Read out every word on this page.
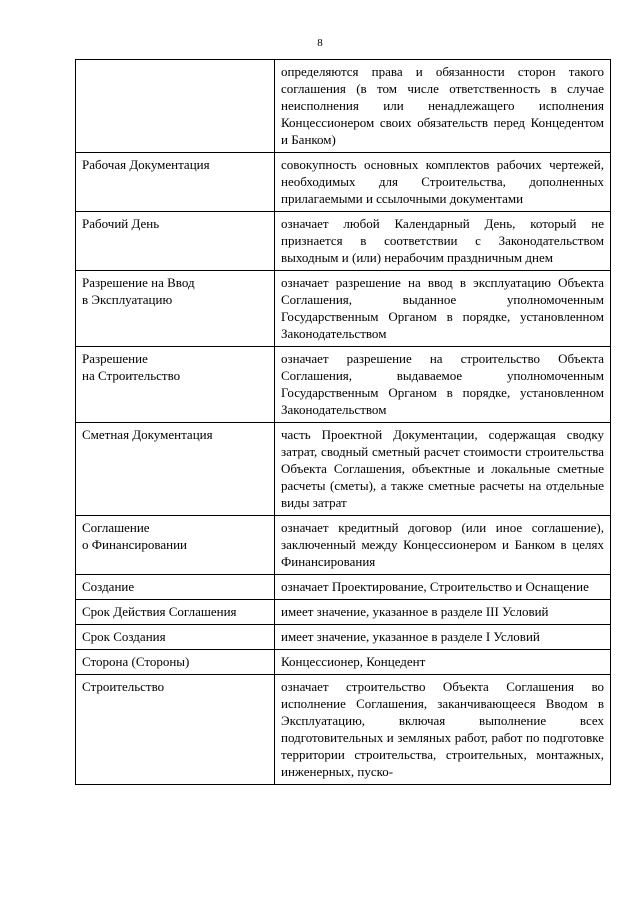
8
	определяются права и обязанности сторон такого соглашения (в том числе ответственность в случае неисполнения или ненадлежащего исполнения Концессионером своих обязательств перед Концедентом и Банком)
Рабочая Документация	совокупность основных комплектов рабочих чертежей, необходимых для Строительства, дополненных прилагаемыми и ссылочными документами
Рабочий День	означает любой Календарный День, который не признается в соответствии с Законодательством выходным и (или) нерабочим праздничным днем

Разрешение на Ввод
в Эксплуатацию	означает разрешение на ввод в эксплуатацию Объекта Соглашения, выданное уполномоченным Государственным Органом в порядке, установленном Законодательством

Разрешение
на Строительство	означает разрешение на строительство Объекта Соглашения, выдаваемое уполномоченным Государственным Органом в порядке, установленном Законодательством
Сметная Документация	часть Проектной Документации, содержащая сводку затрат, сводный сметный расчет стоимости строительства Объекта Соглашения, объектные и локальные сметные расчеты (сметы), а также сметные расчеты на отдельные виды затрат

Соглашение
о Финансировании	означает кредитный договор (или иное соглашение), заключенный между Концессионером и Банком в целях Финансирования
Создание	означает Проектирование, Строительство и Оснащение
Срок Действия Соглашения	имеет значение, указанное в разделе III Условий
Срок Создания	имеет значение, указанное в разделе I Условий
Сторона (Стороны)	Концессионер, Концедент
Строительство	означает строительство Объекта Соглашения во исполнение Соглашения, заканчивающееся Вводом в Эксплуатацию, включая выполнение всех подготовительных и земляных работ, работ по подготовке территории строительства, строительных, монтажных, инженерных, пуско-
